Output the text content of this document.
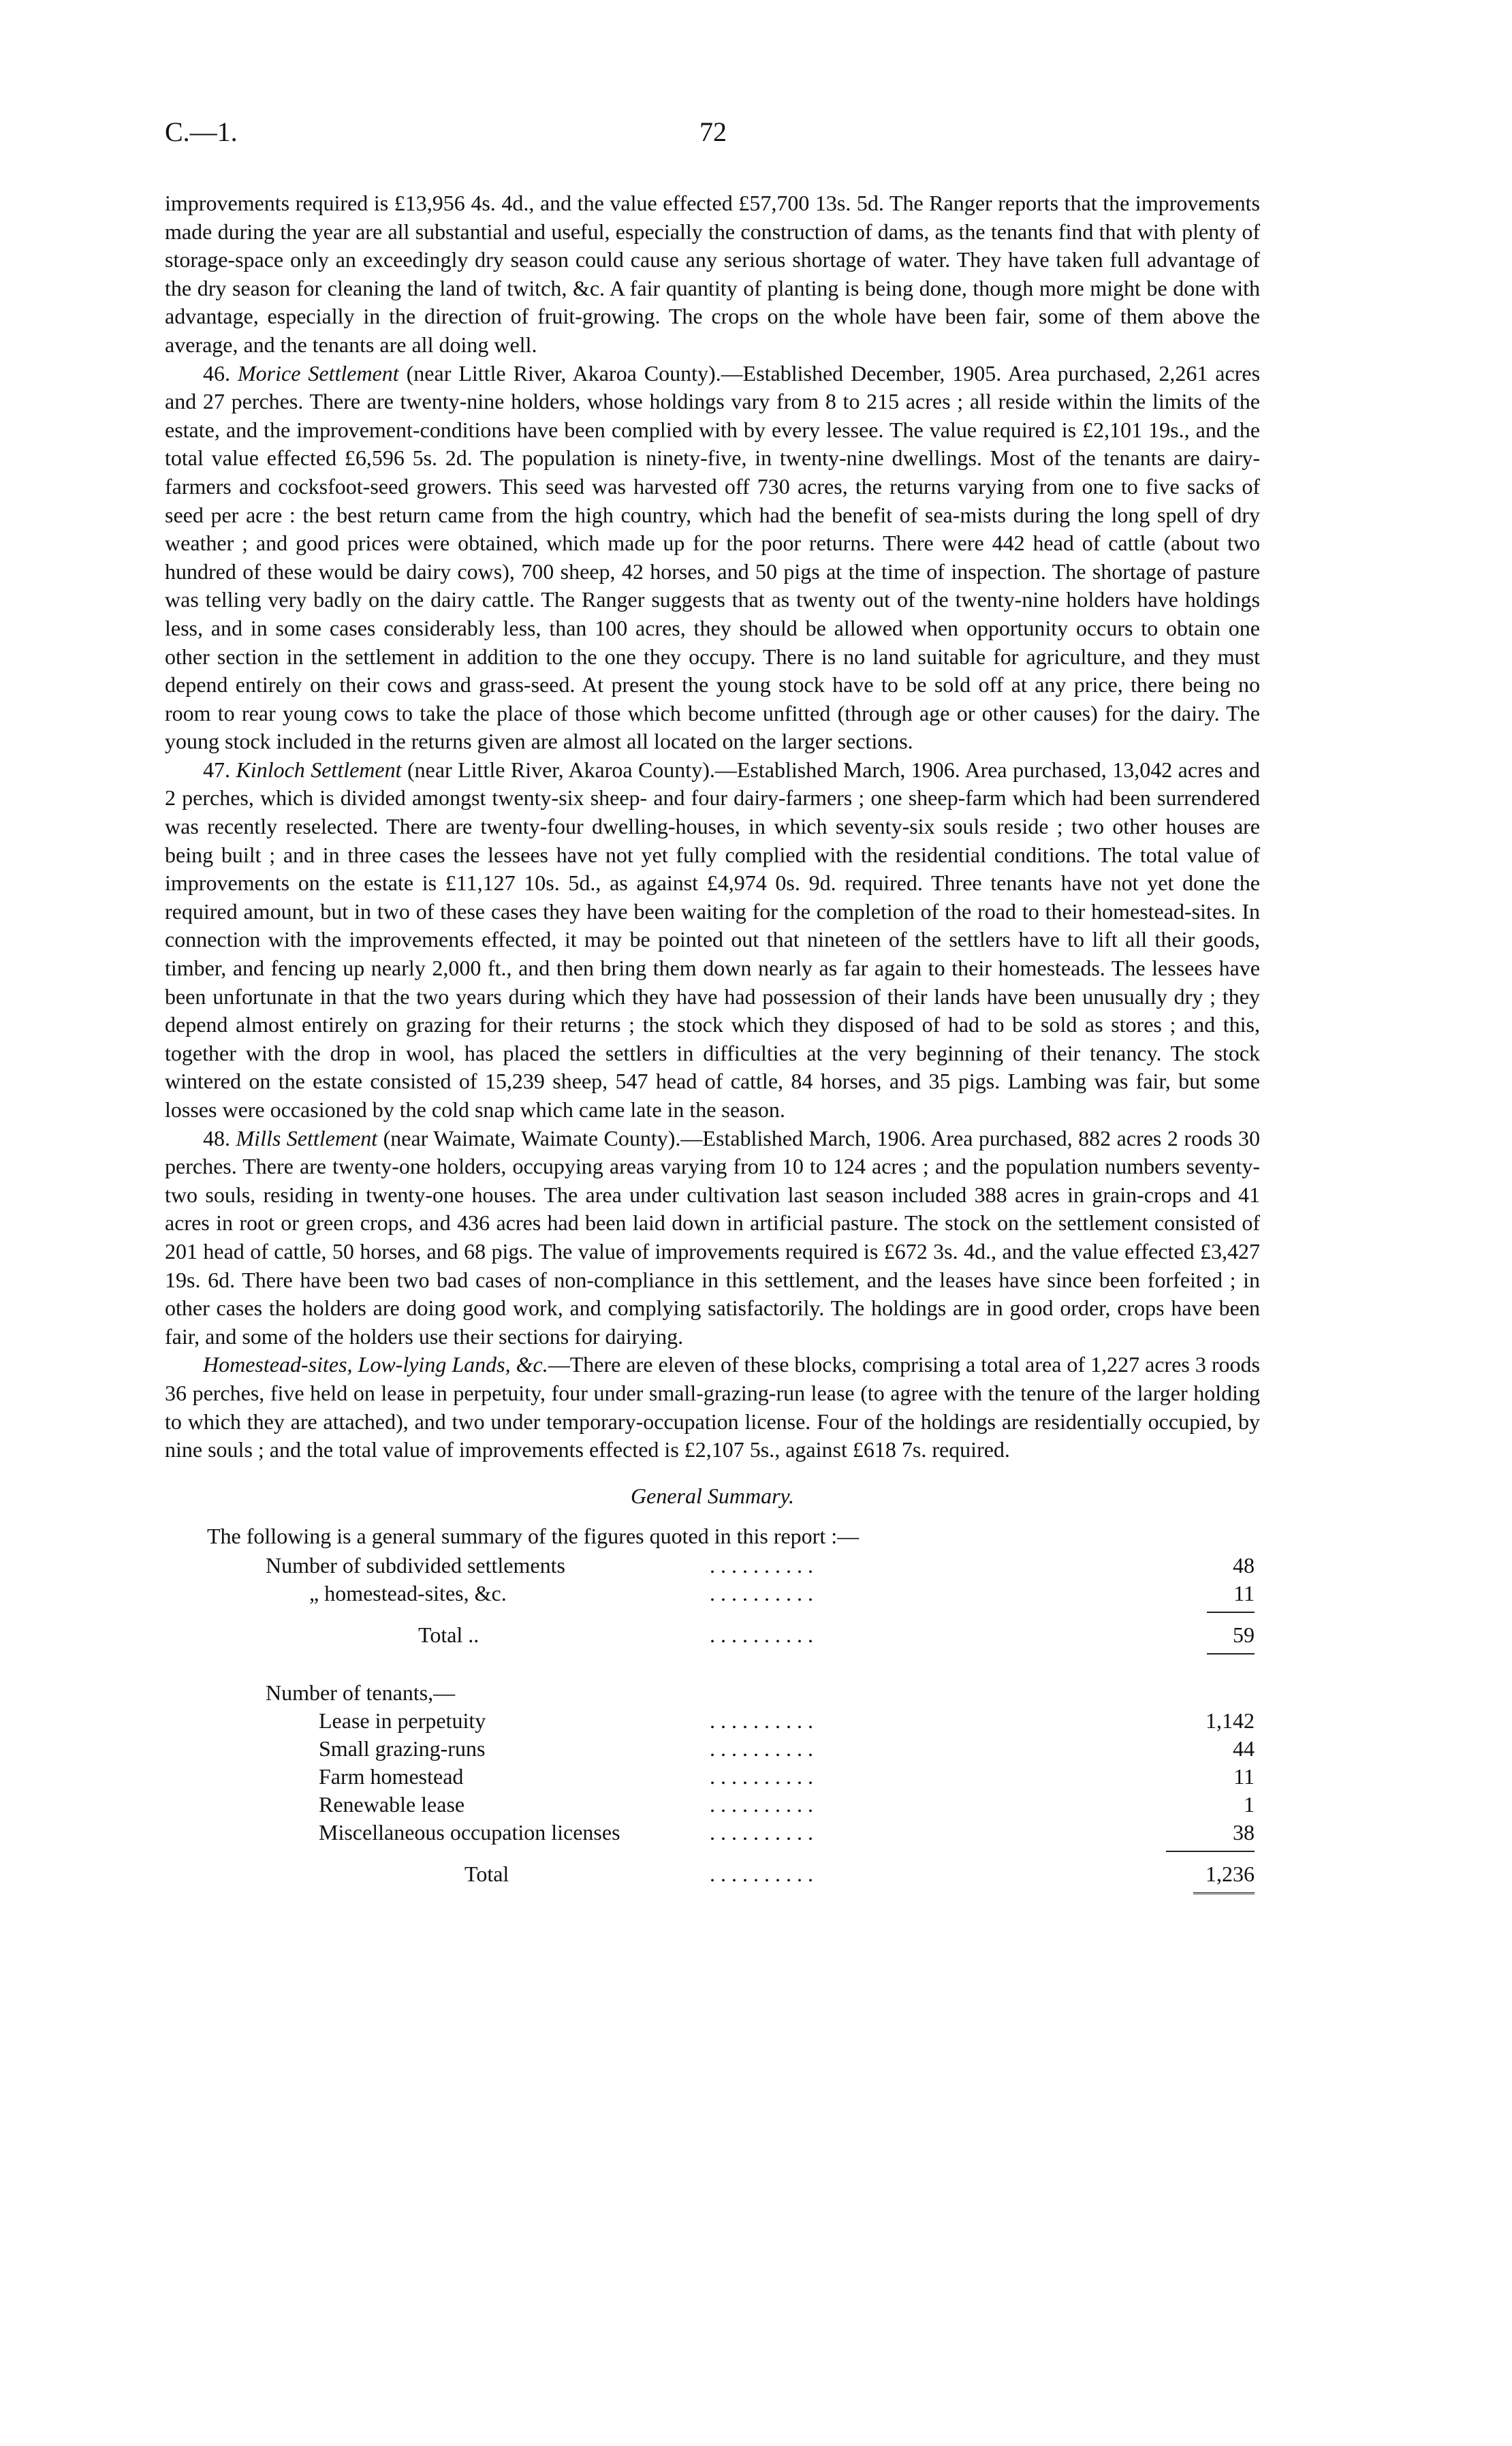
C.—1.	72

improvements required is £13,956 4s. 4d., and the value effected £57,700 13s. 5d. The Ranger reports that the improvements made during the year are all substantial and useful, especially the construction of dams, as the tenants find that with plenty of storage-space only an exceedingly dry season could cause any serious shortage of water. They have taken full advantage of the dry season for cleaning the land of twitch, &c. A fair quantity of planting is being done, though more might be done with advantage, especially in the direction of fruit-growing. The crops on the whole have been fair, some of them above the average, and the tenants are all doing well.

46. Morice Settlement (near Little River, Akaroa County).—Established December, 1905. Area purchased, 2,261 acres and 27 perches. There are twenty-nine holders, whose holdings vary from 8 to 215 acres ; all reside within the limits of the estate, and the improvement-conditions have been complied with by every lessee. The value required is £2,101 19s., and the total value effected £6,596 5s. 2d. The population is ninety-five, in twenty-nine dwellings. Most of the tenants are dairy-farmers and cocksfoot-seed growers. This seed was harvested off 730 acres, the returns varying from one to five sacks of seed per acre : the best return came from the high country, which had the benefit of sea-mists during the long spell of dry weather ; and good prices were obtained, which made up for the poor returns. There were 442 head of cattle (about two hundred of these would be dairy cows), 700 sheep, 42 horses, and 50 pigs at the time of inspection. The shortage of pasture was telling very badly on the dairy cattle. The Ranger suggests that as twenty out of the twenty-nine holders have holdings less, and in some cases considerably less, than 100 acres, they should be allowed when opportunity occurs to obtain one other section in the settlement in addition to the one they occupy. There is no land suitable for agriculture, and they must depend entirely on their cows and grass-seed. At present the young stock have to be sold off at any price, there being no room to rear young cows to take the place of those which become unfitted (through age or other causes) for the dairy. The young stock included in the returns given are almost all located on the larger sections.

47. Kinloch Settlement (near Little River, Akaroa County).—Established March, 1906. Area purchased, 13,042 acres and 2 perches, which is divided amongst twenty-six sheep- and four dairy-farmers ; one sheep-farm which had been surrendered was recently reselected. There are twenty-four dwelling-houses, in which seventy-six souls reside ; two other houses are being built ; and in three cases the lessees have not yet fully complied with the residential conditions. The total value of improvements on the estate is £11,127 10s. 5d., as against £4,974 0s. 9d. required. Three tenants have not yet done the required amount, but in two of these cases they have been waiting for the completion of the road to their homestead-sites. In connection with the improvements effected, it may be pointed out that nineteen of the settlers have to lift all their goods, timber, and fencing up nearly 2,000 ft., and then bring them down nearly as far again to their homesteads. The lessees have been unfortunate in that the two years during which they have had possession of their lands have been unusually dry ; they depend almost entirely on grazing for their returns ; the stock which they disposed of had to be sold as stores ; and this, together with the drop in wool, has placed the settlers in difficulties at the very beginning of their tenancy. The stock wintered on the estate consisted of 15,239 sheep, 547 head of cattle, 84 horses, and 35 pigs. Lambing was fair, but some losses were occasioned by the cold snap which came late in the season.

48. Mills Settlement (near Waimate, Waimate County).—Established March, 1906. Area purchased, 882 acres 2 roods 30 perches. There are twenty-one holders, occupying areas varying from 10 to 124 acres ; and the population numbers seventy-two souls, residing in twenty-one houses. The area under cultivation last season included 388 acres in grain-crops and 41 acres in root or green crops, and 436 acres had been laid down in artificial pasture. The stock on the settlement consisted of 201 head of cattle, 50 horses, and 68 pigs. The value of improvements required is £672 3s. 4d., and the value effected £3,427 19s. 6d. There have been two bad cases of non-compliance in this settlement, and the leases have since been forfeited ; in other cases the holders are doing good work, and complying satisfactorily. The holdings are in good order, crops have been fair, and some of the holders use their sections for dairying.

Homestead-sites, Low-lying Lands, &c.—There are eleven of these blocks, comprising a total area of 1,227 acres 3 roods 36 perches, five held on lease in perpetuity, four under small-grazing-run lease (to agree with the tenure of the larger holding to which they are attached), and two under temporary-occupation license. Four of the holdings are residentially occupied, by nine souls ; and the total value of improvements effected is £2,107 5s., against £618 7s. required.

General Summary.
The following is a general summary of the figures quoted in this report :—
Number of subdivided settlements	. . . . . . . . . .	48
„ homestead-sites, &c.	. . . . . . . . . .	11
Total ..	. . . . . . . . . .	59
Number of tenants,—
Lease in perpetuity	. . . . . . . . . .	1,142
Small grazing-runs	. . . . . . . . . .	44
Farm homestead	. . . . . . . . . .	11
Renewable lease	. . . . . . . . . .	1
Miscellaneous occupation licenses	. . . . . . . . . .	38
Total	. . . . . . . . . .	1,236
